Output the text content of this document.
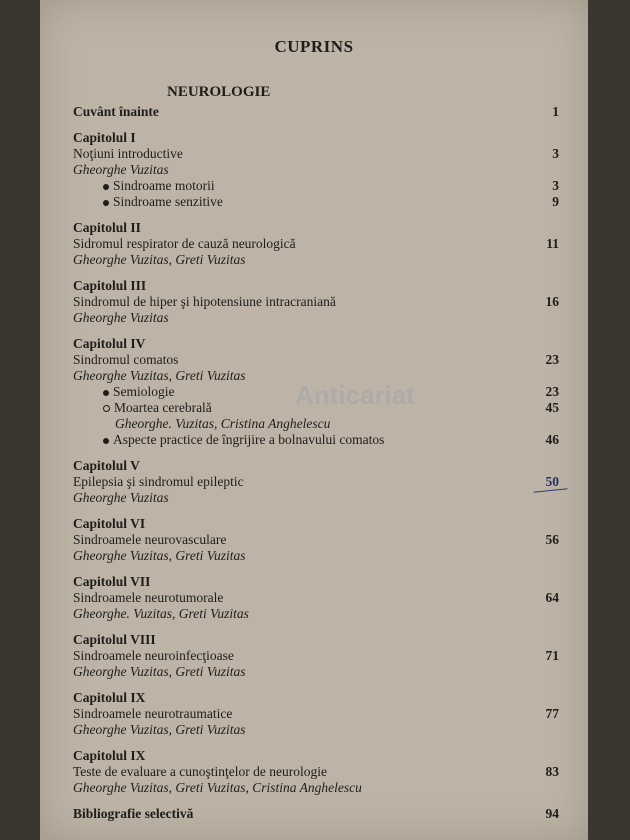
CUPRINS
NEUROLOGIE
Cuvânt înainte	1
Capitolul I
Noţiuni introductive	3
Gheorghe Vuzitas
Sindroame motorii	3
Sindroame senzitive	9
Capitolul II
Sidromul respirator de cauză neurologică	11
Gheorghe Vuzitas, Greti Vuzitas
Capitolul III
Sindromul de hiper şi hipotensiune intracraniană	16
Gheorghe Vuzitas
Capitolul IV
Sindromul comatos	23
Gheorghe Vuzitas, Greti Vuzitas
Semiologie	23
Moartea cerebrală	45
Gheorghe. Vuzitas, Cristina Anghelescu
Aspecte practice de îngrijire a bolnavului comatos	46
Capitolul V
Epilepsia şi sindromul epileptic	50
Gheorghe Vuzitas
Capitolul VI
Sindroamele neurovasculare	56
Gheorghe Vuzitas, Greti Vuzitas
Capitolul VII
Sindroamele neurotumorale	64
Gheorghe. Vuzitas, Greti Vuzitas
Capitolul VIII
Sindroamele neuroinfecţioase	71
Gheorghe Vuzitas, Greti Vuzitas
Capitolul IX
Sindroamele neurotraumatice	77
Gheorghe Vuzitas, Greti Vuzitas
Capitolul IX
Teste de evaluare a cunoştinţelor de neurologie	83
Gheorghe Vuzitas, Greti Vuzitas, Cristina Anghelescu
Bibliografie selectivă	94
Anticariat
